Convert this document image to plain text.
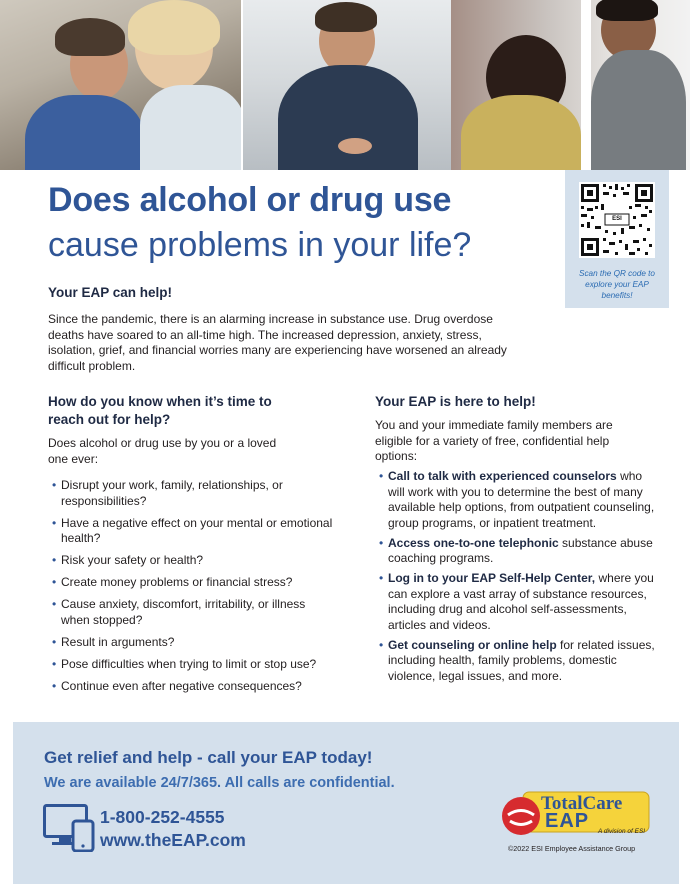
ESI
Scan the QR code to explore your EAP benefits!
Does alcohol or drug use
cause problems in your life?
Your EAP can help!
Since the pandemic, there is an alarming increase in substance use. Drug overdose deaths have soared to an all-time high. The increased depression, anxiety, stress, isolation, grief, and financial worries many are experiencing have worsened an already difficult problem.
How do you know when it’s time to reach out for help?
Does alcohol or drug use by you or a loved one ever:
• Disrupt your work, family, relationships, or responsibilities?
• Have a negative effect on your mental or emotional health?
• Risk your safety or health?
• Create money problems or financial stress?
• Cause anxiety, discomfort, irritability, or illness when stopped?
• Result in arguments?
• Pose difficulties when trying to limit or stop use?
• Continue even after negative consequences?
Your EAP is here to help!
You and your immediate family members are eligible for a variety of free, confidential help options:
• Call to talk with experienced counselors who will work with you to determine the best of many available help options, from outpatient counseling, group programs, or inpatient treatment.
• Access one-to-one telephonic substance abuse coaching programs.
• Log in to your EAP Self-Help Center, where you can explore a vast array of substance resources, including drug and alcohol self-assessments, articles and videos.
• Get counseling or online help for related issues, including health, family problems, domestic violence, legal issues, and more.
Get relief and help - call your EAP today!
We are available 24/7/365. All calls are confidential.
1-800-252-4555
www.theEAP.com
TotalCare
EAP A division of ESI
©2022 ESI Employee Assistance Group
